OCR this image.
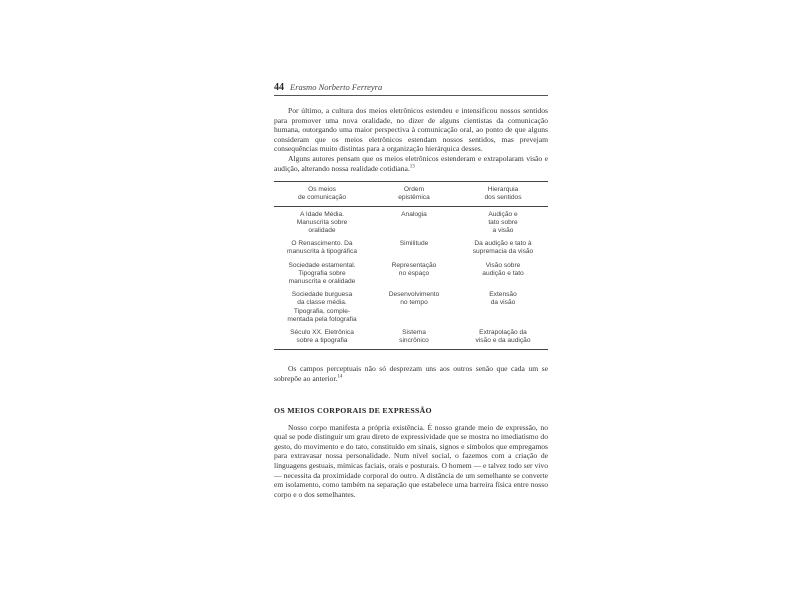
44 Erasmo Norberto Ferreyra

Por último, a cultura dos meios eletrônicos estendeu e intensificou nossos sentidos para promover uma nova oralidade, no dizer de alguns cientistas da comunicação humana, outorgando uma maior perspectiva à comunicação oral, ao ponto de que alguns consideram que os meios eletrônicos estendam nossos sentidos, mas prevejam consequências muito distintas para a organização hierárquica desses.

Alguns autores pensam que os meios eletrônicos estenderam e extrapolaram visão e audição, alterando nossa realidade cotidiana.$^{13}$

Os meios
de comunicação
Ordem
epistêmica
Hierarquia
dos sentidos
A Idade Média.
Manuscrita sobre
oralidade
Analogia	Audição e
tato sobre
a visão
O Renascimento. Da
manuscrita à tipográfica
Similitude	Da audição e tato à
supremacia da visão
Sociedade estamental.
Tipografia sobre
manuscrita e oralidade
Representação
no espaço
Visão sobre
audição e tato
Sociedade burguesa
da classe média.
Tipografia, comple-
mentada pela fotografia
Desenvolvimento
no tempo
Extensão
da visão
Século XX. Eletrônica
sobre a tipografia
Sistema
sincrônico
Extrapolação da
visão e da audição

Os campos perceptuais não só desprezam uns aos outros senão que cada um se sobrepõe ao anterior.$^{14}$

OS MEIOS CORPORAIS DE EXPRESSÃO

Nosso corpo manifesta a própria existência. É nosso grande meio de expressão, no qual se pode distinguir um grau direto de expressividade que se mostra no imediatismo do gesto, do movimento e do tato, constituído em sinais, signos e símbolos que empregamos para extravasar nossa personalidade. Num nível social, o fazemos com a criação de linguagens gestuais, mímicas faciais, orais e posturais. O homem — e talvez todo ser vivo — necessita da proximidade corporal do outro. A distância de um semelhante se converte em isolamento, como também na separação que estabelece uma barreira física entre nosso corpo e o dos semelhantes.
